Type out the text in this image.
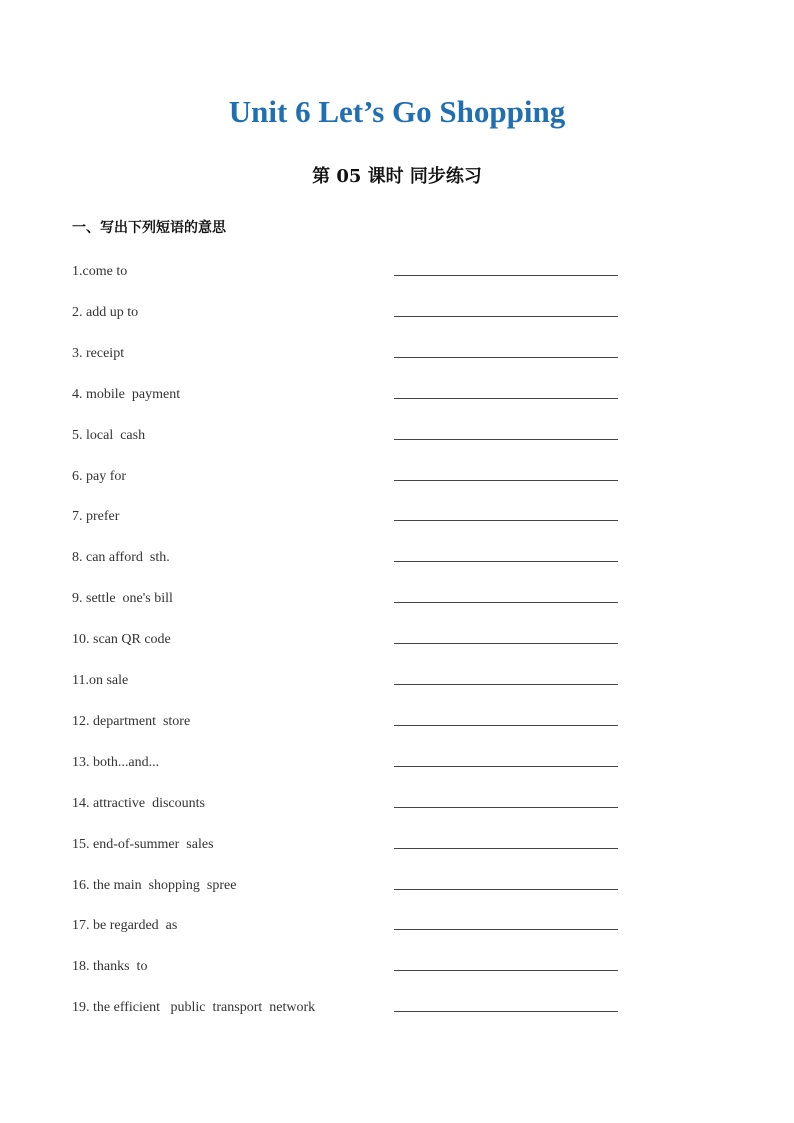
Unit 6 Let’s Go Shopping
第 05 课时 同步练习
一、写出下列短语的意思
1.come to
2. add up to
3. receipt
4. mobile  payment
5. local  cash
6. pay for
7. prefer
8. can afford  sth.
9. settle  one's bill
10. scan QR code
11.on sale
12. department  store
13. both...and...
14. attractive  discounts
15. end-of-summer  sales
16. the main  shopping  spree
17. be regarded  as
18. thanks  to
19. the efficient   public  transport  network
